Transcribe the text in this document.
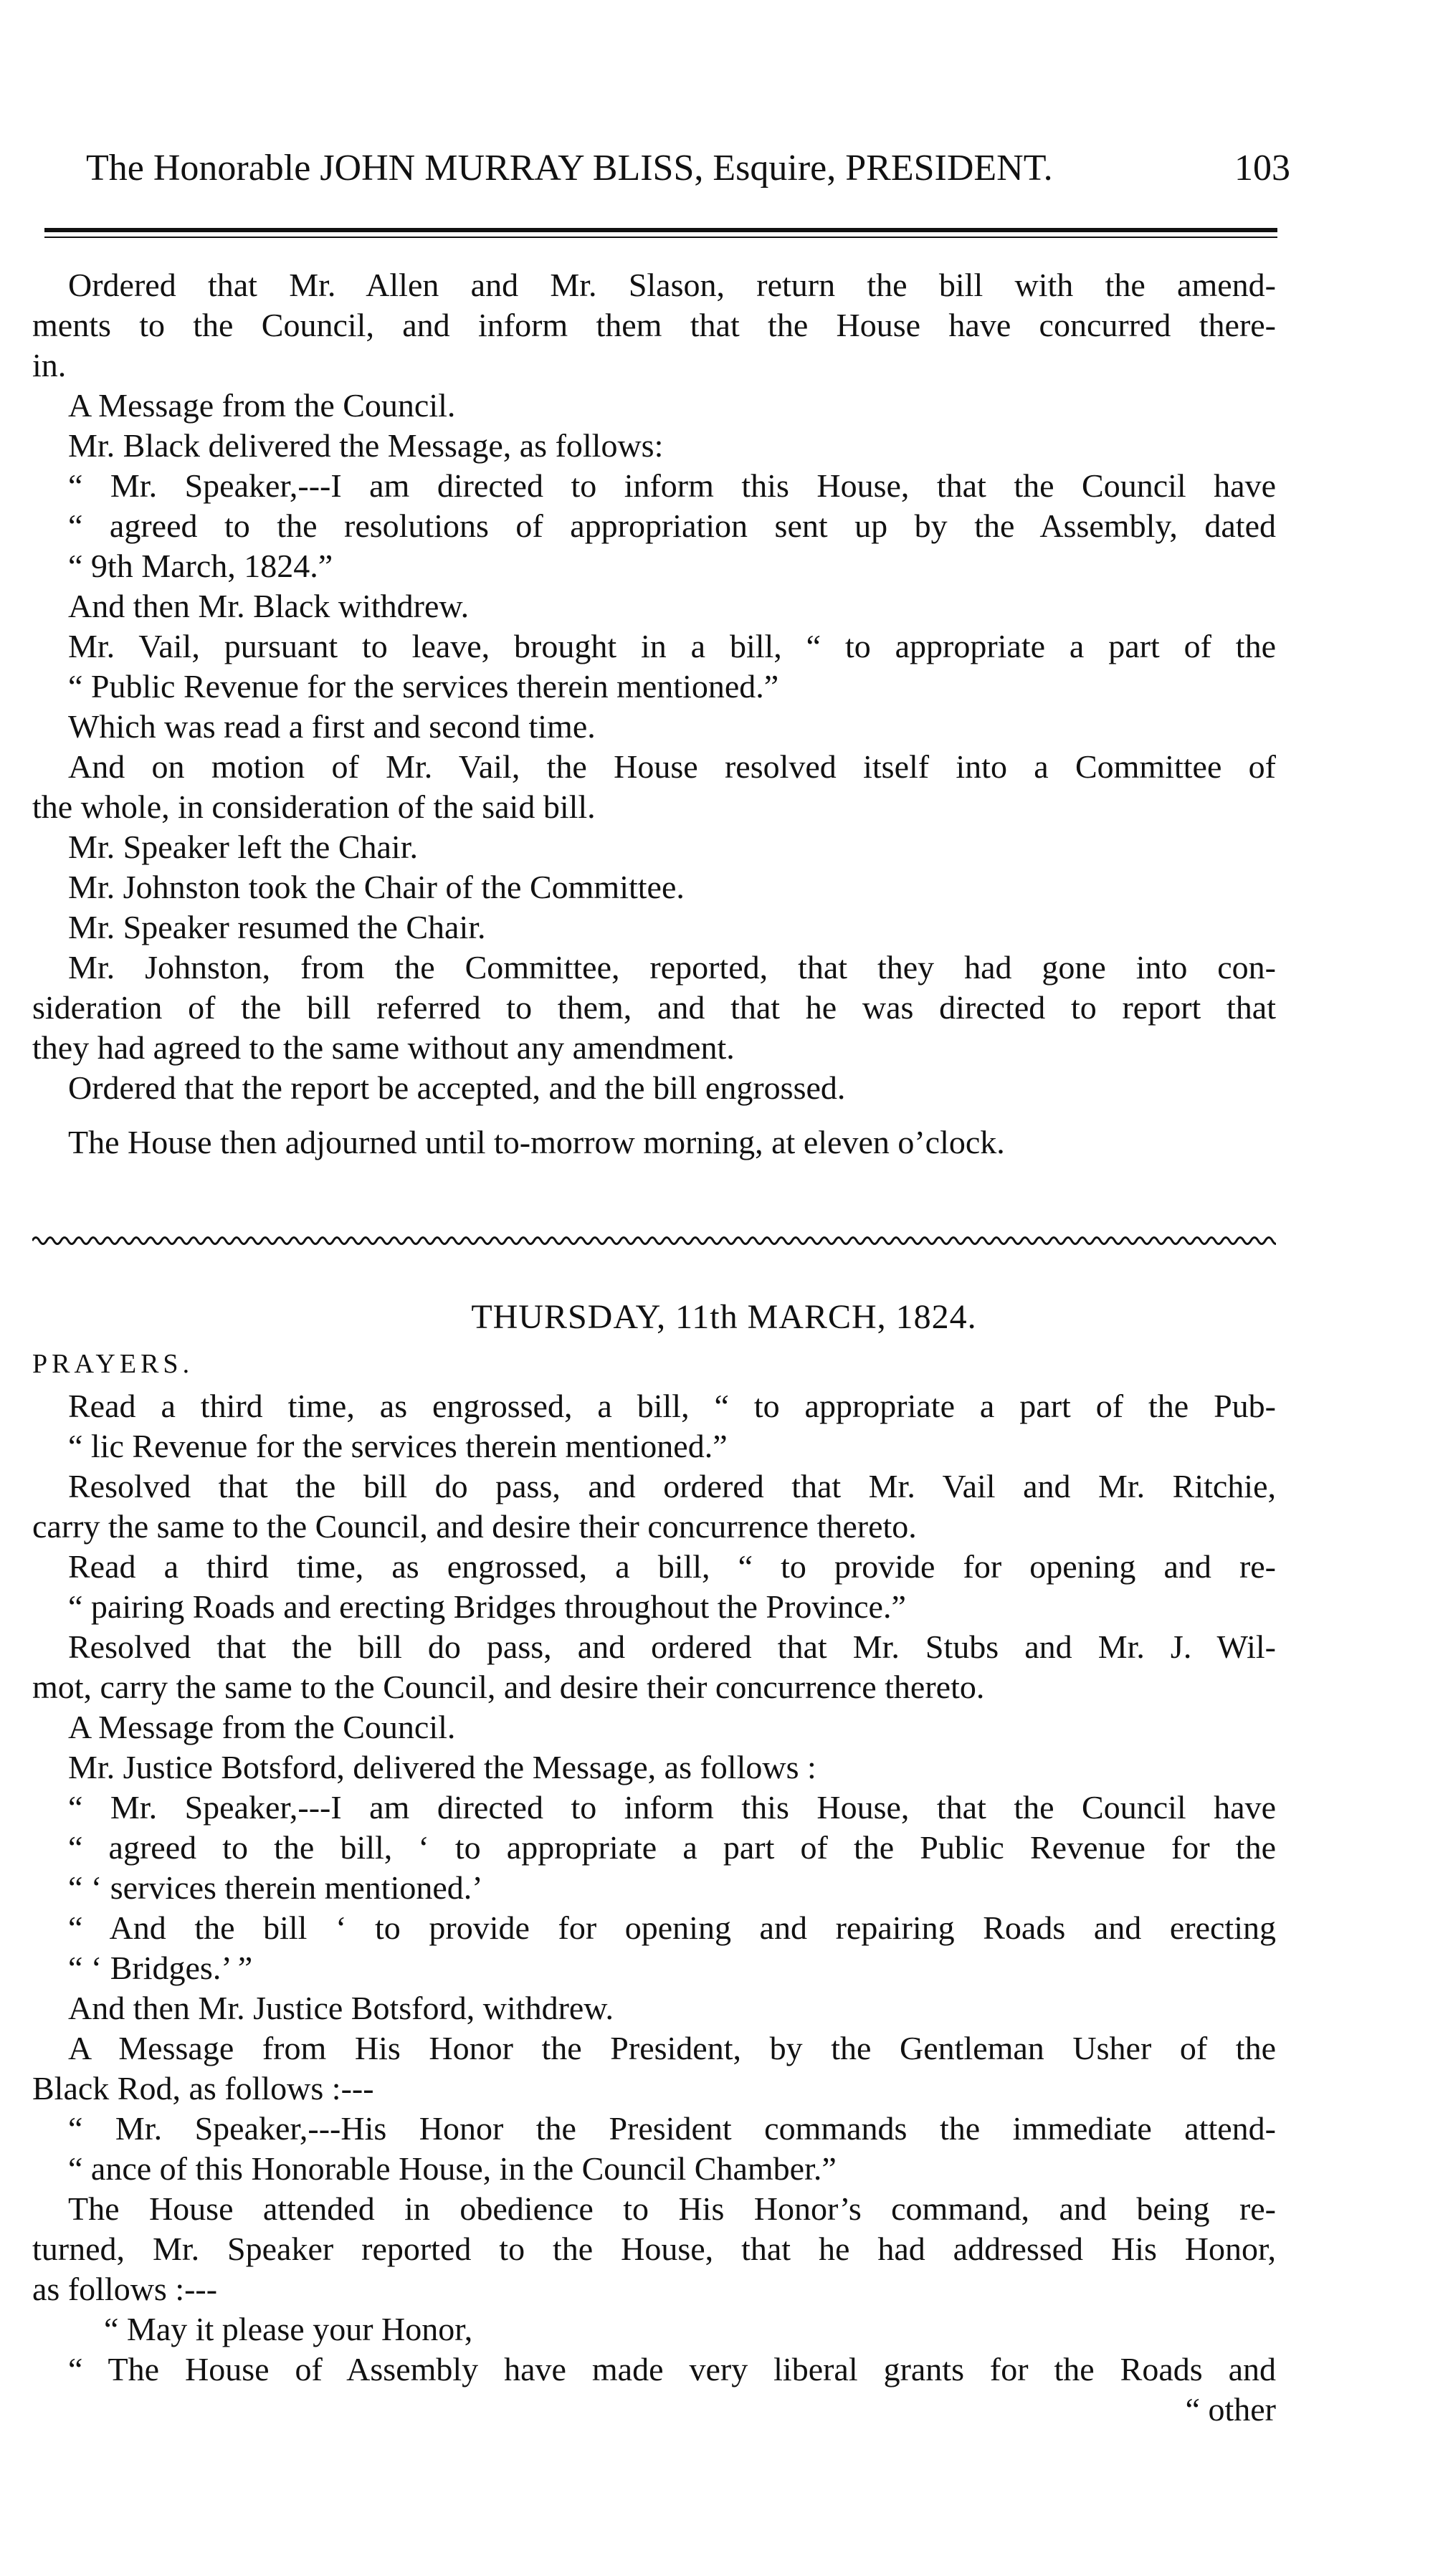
The Honorable JOHN MURRAY BLISS, Esquire, PRESIDENT.	103
Ordered that Mr. Allen and Mr. Slason, return the bill with the amend-
ments to the Council, and inform them that the House have concurred there-
in.
A Message from the Council.
Mr. Black delivered the Message, as follows:
“ Mr. Speaker,---I am directed to inform this House, that the Council have
“ agreed to the resolutions of appropriation sent up by the Assembly, dated
“ 9th March, 1824.”
And then Mr. Black withdrew.
Mr. Vail, pursuant to leave, brought in a bill, “ to appropriate a part of the
“ Public Revenue for the services therein mentioned.”
Which was read a first and second time.
And on motion of Mr. Vail, the House resolved itself into a Committee of
the whole, in consideration of the said bill.
Mr. Speaker left the Chair.
Mr. Johnston took the Chair of the Committee.
Mr. Speaker resumed the Chair.
Mr. Johnston, from the Committee, reported, that they had gone into con-
sideration of the bill referred to them, and that he was directed to report that
they had agreed to the same without any amendment.
Ordered that the report be accepted, and the bill engrossed.
The House then adjourned until to-morrow morning, at eleven o’clock.
THURSDAY, 11th MARCH, 1824.
PRAYERS.
Read a third time, as engrossed, a bill, “ to appropriate a part of the Pub-
“ lic Revenue for the services therein mentioned.”
Resolved that the bill do pass, and ordered that Mr. Vail and Mr. Ritchie,
carry the same to the Council, and desire their concurrence thereto.
Read a third time, as engrossed, a bill, “ to provide for opening and re-
“ pairing Roads and erecting Bridges throughout the Province.”
Resolved that the bill do pass, and ordered that Mr. Stubs and Mr. J. Wil-
mot, carry the same to the Council, and desire their concurrence thereto.
A Message from the Council.
Mr. Justice Botsford, delivered the Message, as follows :
“ Mr. Speaker,---I am directed to inform this House, that the Council have
“ agreed to the bill, ‘ to appropriate a part of the Public Revenue for the
“ ‘ services therein mentioned.’
“ And the bill ‘ to provide for opening and repairing Roads and erecting
“ ‘ Bridges.’ ”
And then Mr. Justice Botsford, withdrew.
A Message from His Honor the President, by the Gentleman Usher of the
Black Rod, as follows :---
“ Mr. Speaker,---His Honor the President commands the immediate attend-
“ ance of this Honorable House, in the Council Chamber.”
The House attended in obedience to His Honor’s command, and being re-
turned, Mr. Speaker reported to the House, that he had addressed His Honor,
as follows :---
“ May it please your Honor,
“ The House of Assembly have made very liberal grants for the Roads and
“ other
